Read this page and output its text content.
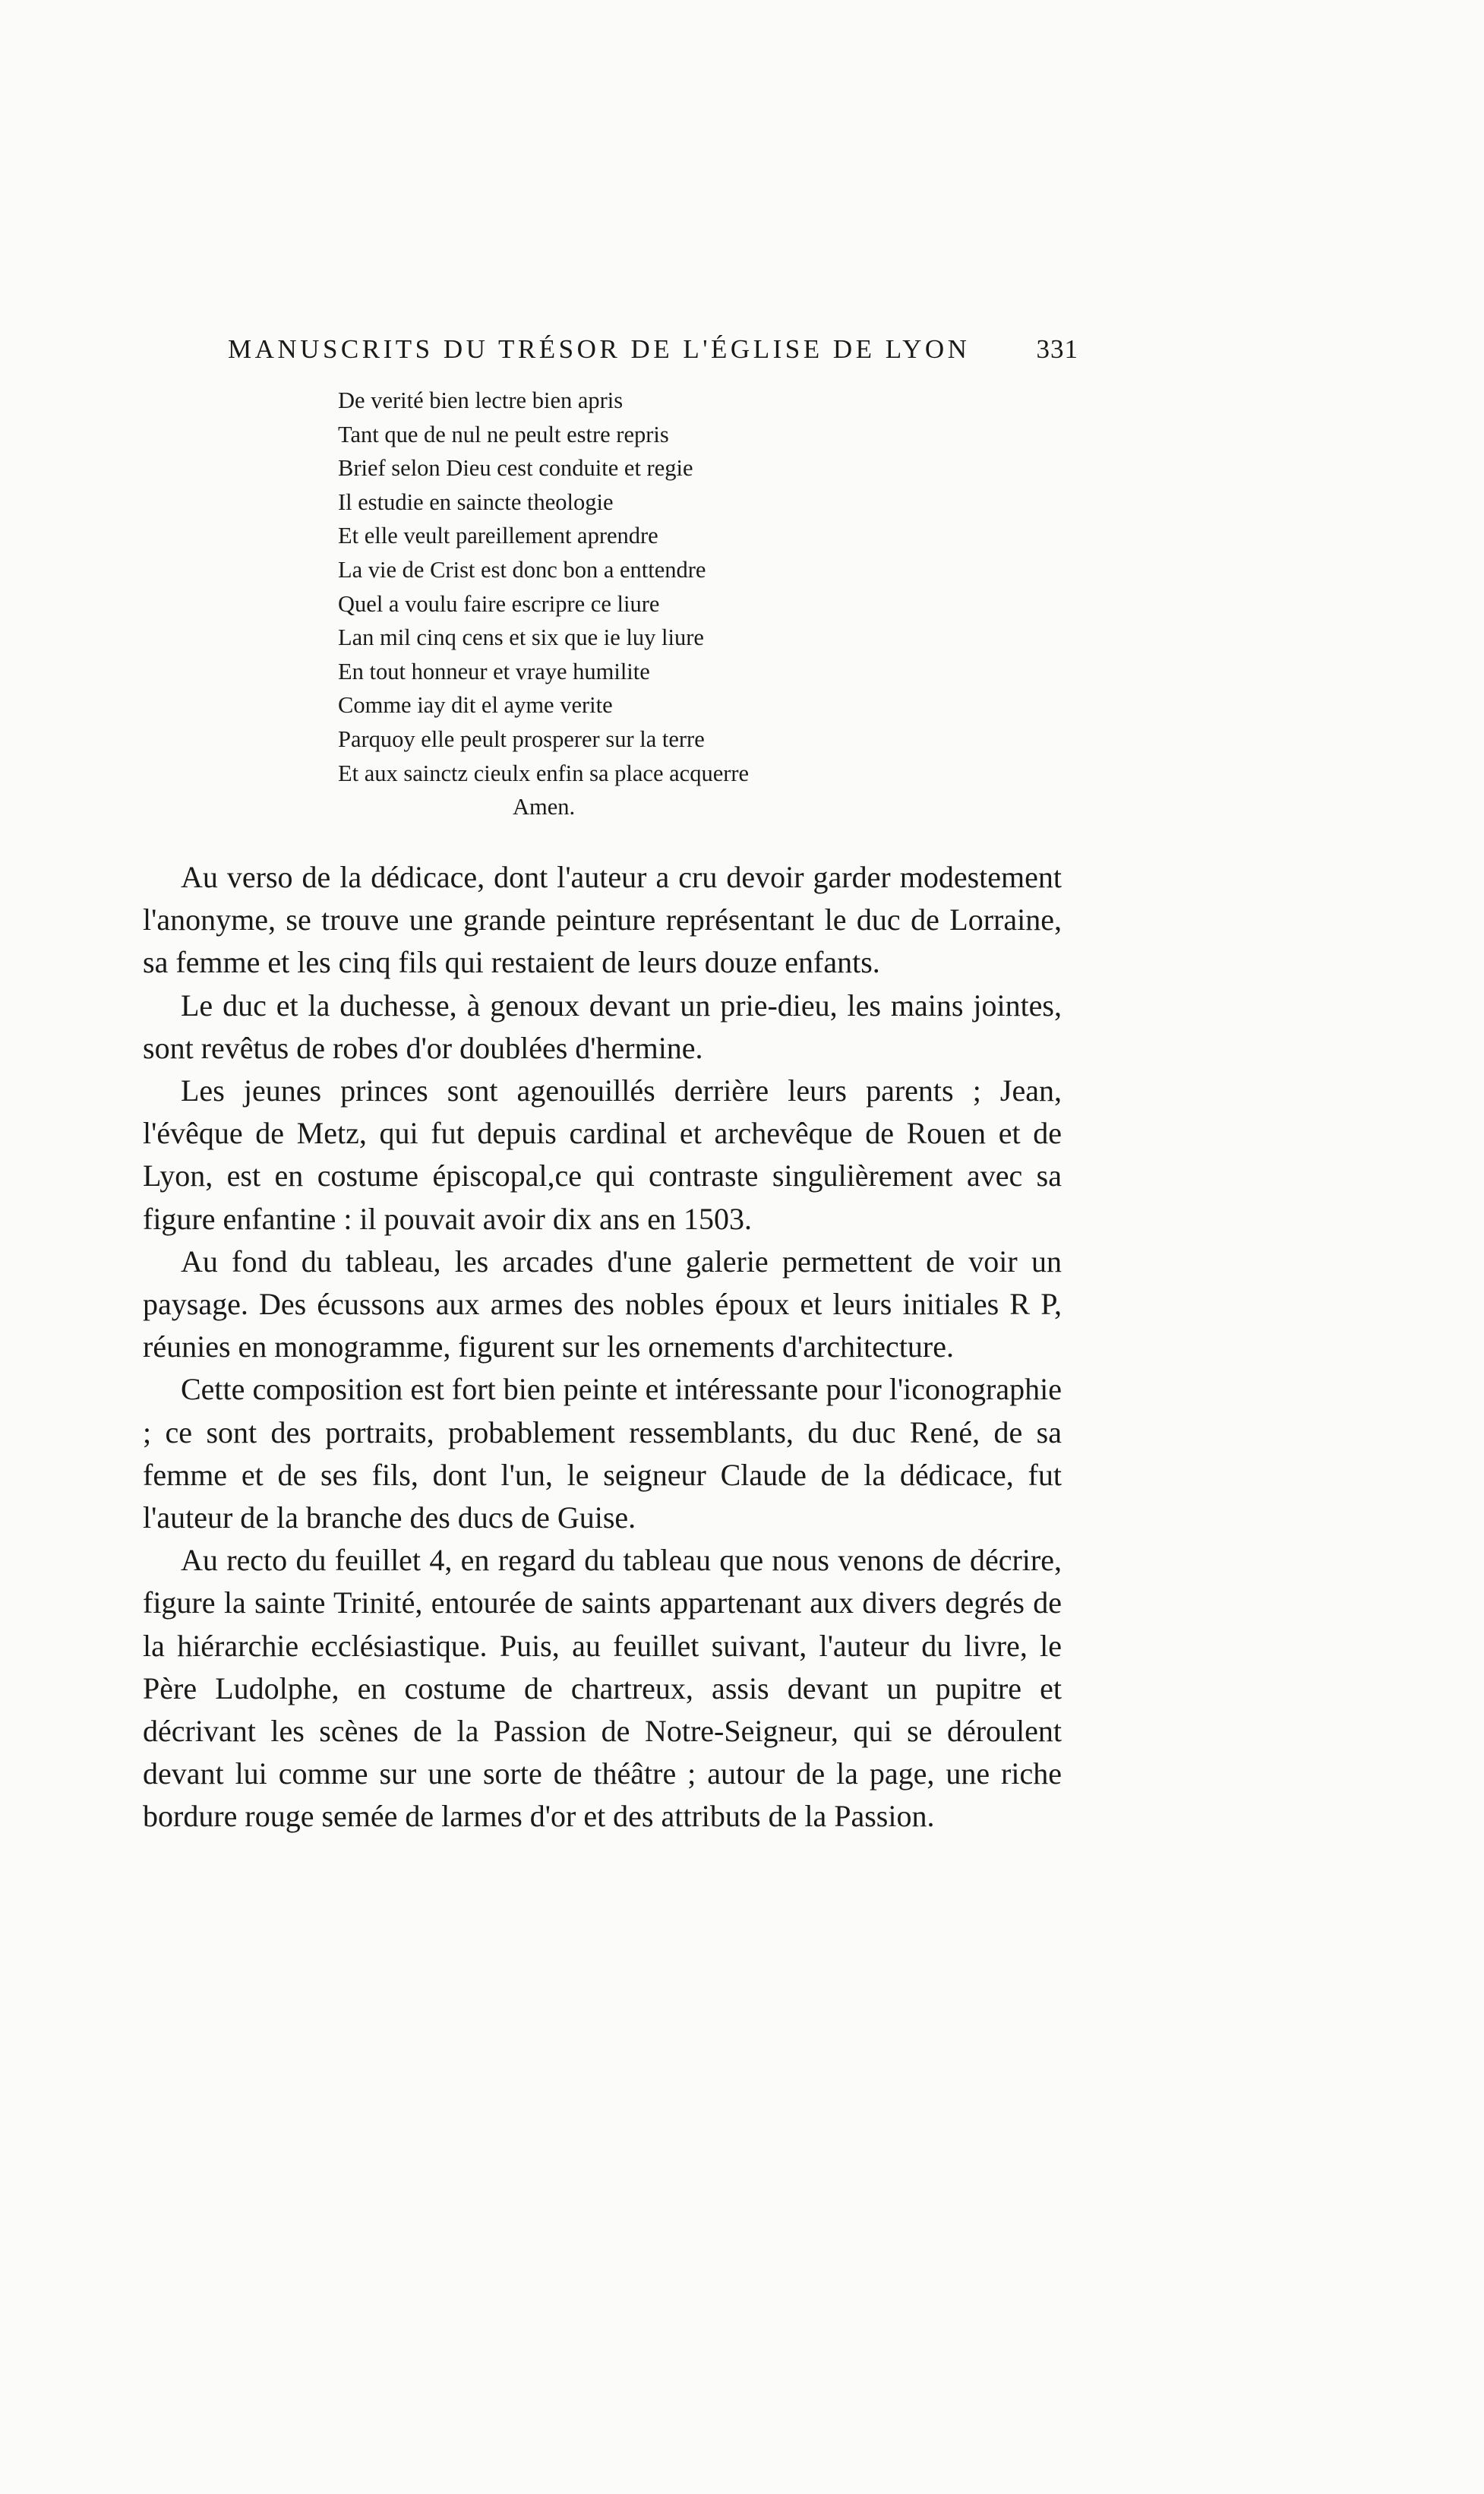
MANUSCRITS DU TRÉSOR DE L'ÉGLISE DE LYON 331
De verité bien lectre bien apris
Tant que de nul ne peult estre repris
Brief selon Dieu cest conduite et regie
Il estudie en saincte theologie
Et elle veult pareillement aprendre
La vie de Crist est donc bon a enttendre
Quel a voulu faire escripre ce liure
Lan mil cinq cens et six que ie luy liure
En tout honneur et vraye humilite
Comme iay dit el ayme verite
Parquoy elle peult prosperer sur la terre
Et aux sainctz cieulx enfin sa place acquerre
Amen.

Au verso de la dédicace, dont l'auteur a cru devoir garder modestement l'anonyme, se trouve une grande peinture représentant le duc de Lorraine, sa femme et les cinq fils qui restaient de leurs douze enfants.

Le duc et la duchesse, à genoux devant un prie-dieu, les mains jointes, sont revêtus de robes d'or doublées d'hermine.

Les jeunes princes sont agenouillés derrière leurs parents ; Jean, l'évêque de Metz, qui fut depuis cardinal et archevêque de Rouen et de Lyon, est en costume épiscopal,ce qui contraste singulièrement avec sa figure enfantine : il pouvait avoir dix ans en 1503.

Au fond du tableau, les arcades d'une galerie permettent de voir un paysage. Des écussons aux armes des nobles époux et leurs initiales R P, réunies en monogramme, figurent sur les ornements d'architecture.

Cette composition est fort bien peinte et intéressante pour l'iconographie ; ce sont des portraits, probablement ressemblants, du duc René, de sa femme et de ses fils, dont l'un, le seigneur Claude de la dédicace, fut l'auteur de la branche des ducs de Guise.

Au recto du feuillet 4, en regard du tableau que nous venons de décrire, figure la sainte Trinité, entourée de saints appartenant aux divers degrés de la hiérarchie ecclésiastique. Puis, au feuillet suivant, l'auteur du livre, le Père Ludolphe, en costume de chartreux, assis devant un pupitre et décrivant les scènes de la Passion de Notre-Seigneur, qui se déroulent devant lui comme sur une sorte de théâtre ; autour de la page, une riche bordure rouge semée de larmes d'or et des attributs de la Passion.
